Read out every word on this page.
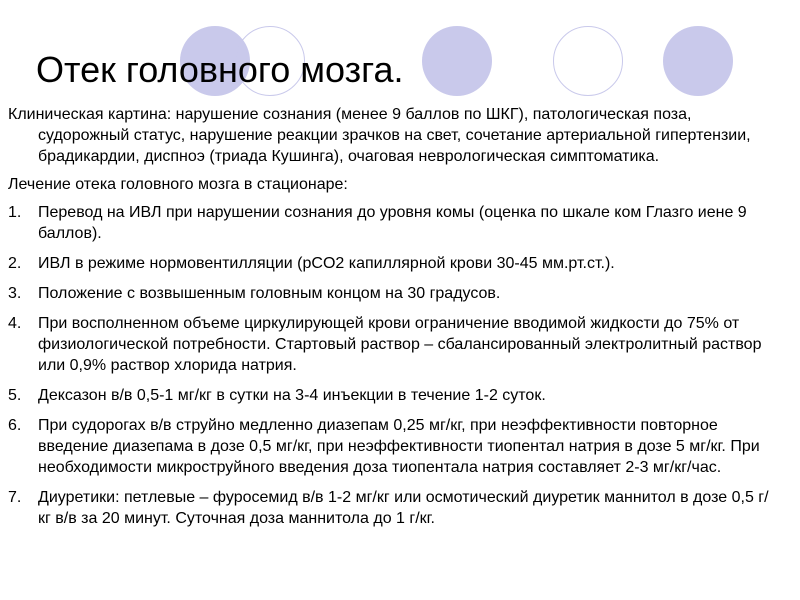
Отек головного мозга.

Клиническая картина: нарушение сознания (менее 9 баллов по ШКГ), патологическая поза, судорожный статус, нарушение реакции зрачков на свет, сочетание артериальной гипертензии, брадикардии, диспноэ (триада Кушинга), очаговая неврологическая симптоматика.

Лечение отека головного мозга в стационаре:

1. Перевод на ИВЛ при нарушении сознания до уровня комы (оценка по шкале ком Глазго иене 9 баллов).
2. ИВЛ в режиме нормовентилляции (pCO2 капиллярной крови 30-45 мм.рт.ст.).
3. Положение с возвышенным головным концом на 30 градусов.
4. При восполненном объеме циркулирующей крови ограничение вводимой жидкости до 75% от физиологической потребности. Стартовый раствор – сбалансированный электролитный раствор или 0,9% раствор хлорида натрия.
5. Дексазон в/в 0,5-1 мг/кг в сутки на 3-4 инъекции в течение 1-2 суток.
6. При судорогах в/в струйно медленно диазепам 0,25 мг/кг, при неэффективности повторное введение диазепама в дозе 0,5 мг/кг, при неэффективности тиопентал натрия в дозе 5 мг/кг. При необходимости микроструйного введения доза тиопентала натрия составляет 2-3 мг/кг/час.
7. Диуретики: петлевые – фуросемид в/в 1-2 мг/кг или осмотический диуретик маннитол в дозе 0,5 г/кг в/в за 20 минут. Суточная доза маннитола до 1 г/кг.
